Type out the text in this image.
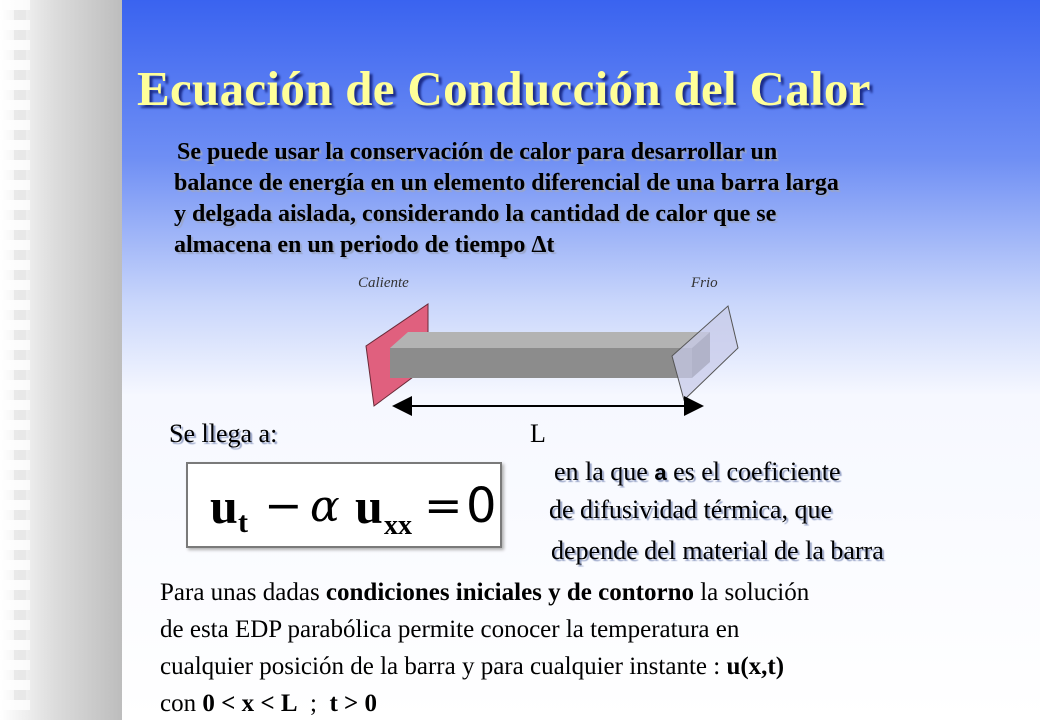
Ecuación de Conducción del Calor

Se puede usar la conservación de calor para desarrollar un
balance de energía en un elemento diferencial de una barra larga
y delgada aislada, considerando la cantidad de calor que se
almacena en un periodo de tiempo Δt

Caliente	Frio
Se llega a:	L
u t − α u xx = 0
en la que a es el coeficiente
de difusividad térmica, que
depende del material de la barra
Para unas dadas condiciones iniciales y de contorno la solución
de esta EDP parabólica permite conocer la temperatura en
cualquier posición de la barra y para cualquier instante : u(x,t)
con 0 < x < L  ;  t > 0
